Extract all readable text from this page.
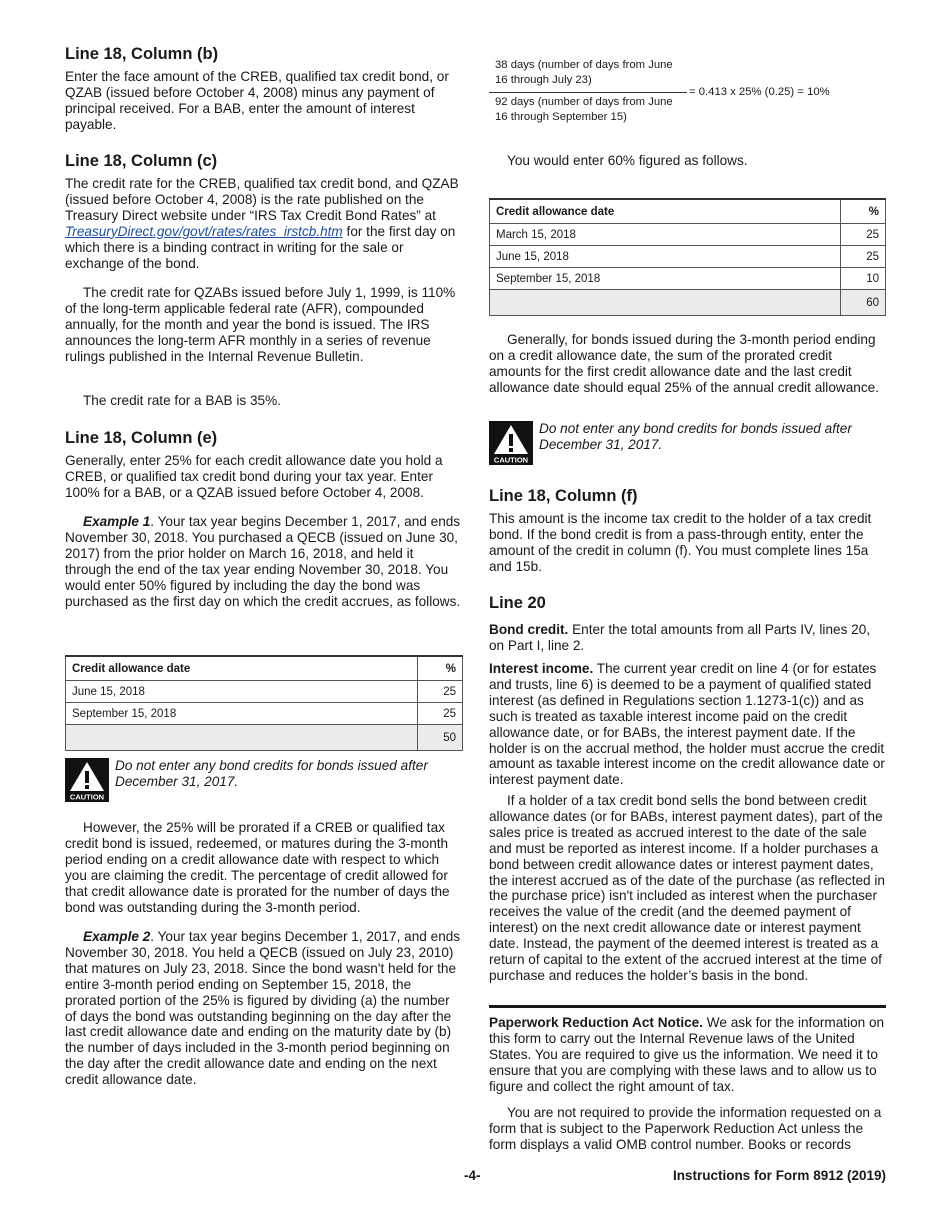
Line 18, Column (b)

Enter the face amount of the CREB, qualified tax credit bond, or QZAB (issued before October 4, 2008) minus any payment of principal received. For a BAB, enter the amount of interest payable.

Line 18, Column (c)

The credit rate for the CREB, qualified tax credit bond, and QZAB (issued before October 4, 2008) is the rate published on the Treasury Direct website under “IRS Tax Credit Bond Rates” at TreasuryDirect.gov/govt/rates/rates_irstcb.htm for the first day on which there is a binding contract in writing for the sale or exchange of the bond.

The credit rate for QZABs issued before July 1, 1999, is 110% of the long-term applicable federal rate (AFR), compounded annually, for the month and year the bond is issued. The IRS announces the long-term AFR monthly in a series of revenue rulings published in the Internal Revenue Bulletin.

The credit rate for a BAB is 35%.

Line 18, Column (e)

Generally, enter 25% for each credit allowance date you hold a CREB, or qualified tax credit bond during your tax year. Enter 100% for a BAB, or a QZAB issued before October 4, 2008.

Example 1. Your tax year begins December 1, 2017, and ends November 30, 2018. You purchased a QECB (issued on June 30, 2017) from the prior holder on March 16, 2018, and held it through the end of the tax year ending November 30, 2018. You would enter 50% figured by including the day the bond was purchased as the first day on which the credit accrues, as follows.

Credit allowance date	%
June 15, 2018	25
September 15, 2018	25
	50
CAUTION
Do not enter any bond credits for bonds issued after December 31, 2017.

However, the 25% will be prorated if a CREB or qualified tax credit bond is issued, redeemed, or matures during the 3-month period ending on a credit allowance date with respect to which you are claiming the credit. The percentage of credit allowed for that credit allowance date is prorated for the number of days the bond was outstanding during the 3-month period.

Example 2. Your tax year begins December 1, 2017, and ends November 30, 2018. You held a QECB (issued on July 23, 2010) that matures on July 23, 2018. Since the bond wasn't held for the entire 3-month period ending on September 15, 2018, the prorated portion of the 25% is figured by dividing (a) the number of days the bond was outstanding beginning on the day after the last credit allowance date and ending on the maturity date by (b) the number of days included in the 3-month period beginning on the day after the credit allowance date and ending on the next credit allowance date.

38 days (number of days from June 16 through July 23)
92 days (number of days from June 16 through September 15)
= 0.413 x 25% (0.25) = 10%

You would enter 60% figured as follows.

Credit allowance date	%
March 15, 2018	25
June 15, 2018	25
September 15, 2018	10
	60

Generally, for bonds issued during the 3-month period ending on a credit allowance date, the sum of the prorated credit amounts for the first credit allowance date and the last credit allowance date should equal 25% of the annual credit allowance.

CAUTION
Do not enter any bond credits for bonds issued after December 31, 2017.
Line 18, Column (f)

This amount is the income tax credit to the holder of a tax credit bond. If the bond credit is from a pass-through entity, enter the amount of the credit in column (f). You must complete lines 15a and 15b.

Line 20

Bond credit. Enter the total amounts from all Parts IV, lines 20, on Part I, line 2.

Interest income. The current year credit on line 4 (or for estates and trusts, line 6) is deemed to be a payment of qualified stated interest (as defined in Regulations section 1.1273-1(c)) and as such is treated as taxable interest income paid on the credit allowance date, or for BABs, the interest payment date. If the holder is on the accrual method, the holder must accrue the credit amount as taxable interest income on the credit allowance date or interest payment date.

If a holder of a tax credit bond sells the bond between credit allowance dates (or for BABs, interest payment dates), part of the sales price is treated as accrued interest to the date of the sale and must be reported as interest income. If a holder purchases a bond between credit allowance dates or interest payment dates, the interest accrued as of the date of the purchase (as reflected in the purchase price) isn't included as interest when the purchaser receives the value of the credit (and the deemed payment of interest) on the next credit allowance date or interest payment date. Instead, the payment of the deemed interest is treated as a return of capital to the extent of the accrued interest at the time of purchase and reduces the holder’s basis in the bond.

Paperwork Reduction Act Notice. We ask for the information on this form to carry out the Internal Revenue laws of the United States. You are required to give us the information. We need it to ensure that you are complying with these laws and to allow us to figure and collect the right amount of tax.

You are not required to provide the information requested on a form that is subject to the Paperwork Reduction Act unless the form displays a valid OMB control number. Books or records

-4-	Instructions for Form 8912 (2019)
